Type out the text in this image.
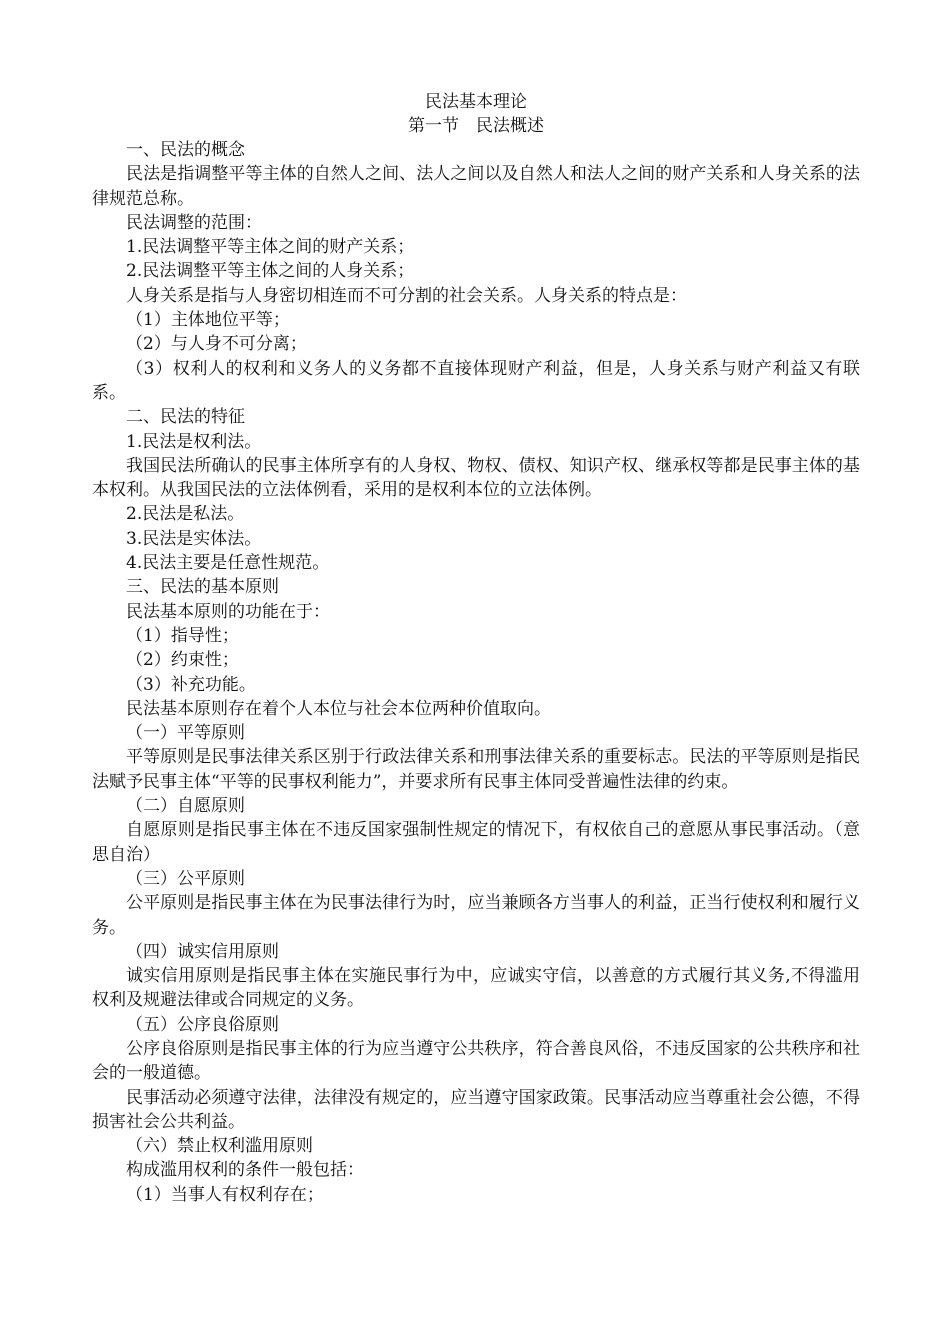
民法基本理论

第一节　民法概述

一、民法的概念

民法是指调整平等主体的自然人之间、法人之间以及自然人和法人之间的财产关系和人身关系的法律规范总称。

民法调整的范围：

1.民法调整平等主体之间的财产关系；

2.民法调整平等主体之间的人身关系；

人身关系是指与人身密切相连而不可分割的社会关系。人身关系的特点是：

（1）主体地位平等；

（2）与人身不可分离；

（3）权利人的权利和义务人的义务都不直接体现财产利益，但是，人身关系与财产利益又有联系。

二、民法的特征

1.民法是权利法。

我国民法所确认的民事主体所享有的人身权、物权、债权、知识产权、继承权等都是民事主体的基本权利。从我国民法的立法体例看，采用的是权利本位的立法体例。

2.民法是私法。

3.民法是实体法。

4.民法主要是任意性规范。

三、民法的基本原则

民法基本原则的功能在于：

（1）指导性；

（2）约束性；

（3）补充功能。

民法基本原则存在着个人本位与社会本位两种价值取向。

（一）平等原则

平等原则是民事法律关系区别于行政法律关系和刑事法律关系的重要标志。民法的平等原则是指民法赋予民事主体“平等的民事权利能力”，并要求所有民事主体同受普遍性法律的约束。

（二）自愿原则

自愿原则是指民事主体在不违反国家强制性规定的情况下，有权依自己的意愿从事民事活动。（意思自治）

（三）公平原则

公平原则是指民事主体在为民事法律行为时，应当兼顾各方当事人的利益，正当行使权利和履行义务。

（四）诚实信用原则

诚实信用原则是指民事主体在实施民事行为中，应诚实守信，以善意的方式履行其义务,不得滥用权利及规避法律或合同规定的义务。

（五）公序良俗原则

公序良俗原则是指民事主体的行为应当遵守公共秩序，符合善良风俗，不违反国家的公共秩序和社会的一般道德。

民事活动必须遵守法律，法律没有规定的，应当遵守国家政策。民事活动应当尊重社会公德，不得损害社会公共利益。

（六）禁止权利滥用原则

构成滥用权利的条件一般包括：

（1）当事人有权利存在；
